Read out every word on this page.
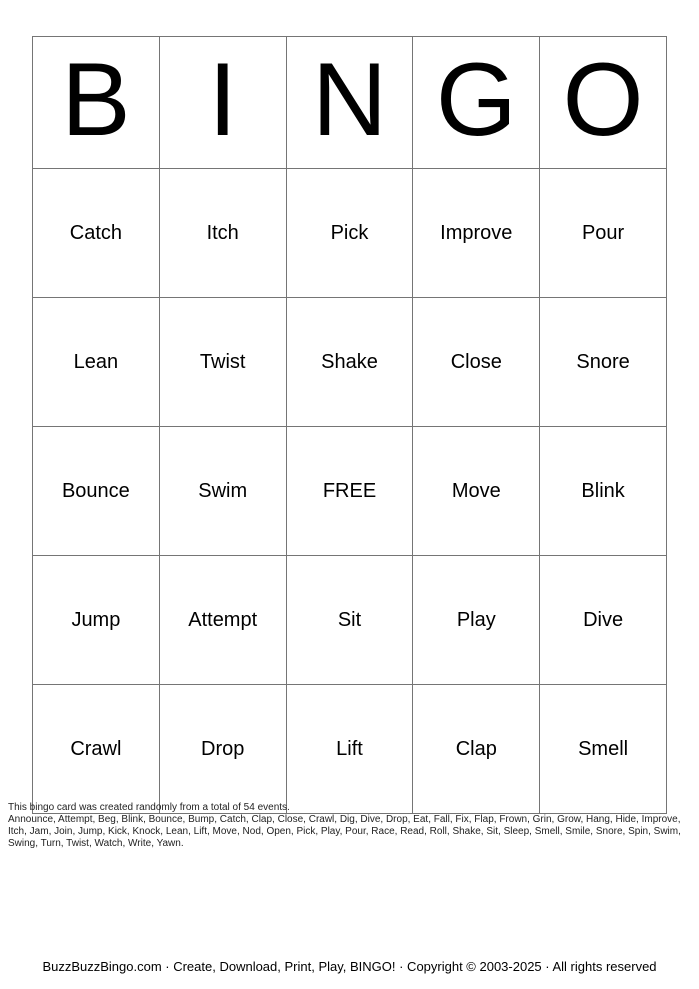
B	I	N	G	O
Catch	Itch	Pick	Improve	Pour
Lean	Twist	Shake	Close	Snore
Bounce	Swim	FREE	Move	Blink
Jump	Attempt	Sit	Play	Dive
Crawl	Drop	Lift	Clap	Smell
This bingo card was created randomly from a total of 54 events.
Announce, Attempt, Beg, Blink, Bounce, Bump, Catch, Clap, Close, Crawl, Dig, Dive, Drop, Eat, Fall, Fix, Flap, Frown, Grin, Grow, Hang, Hide, Improve, Itch, Jam, Join, Jump, Kick, Knock, Lean, Lift, Move, Nod, Open, Pick, Play, Pour, Race, Read, Roll, Shake, Sit, Sleep, Smell, Smile, Snore, Spin, Swim, Swing, Turn, Twist, Watch, Write, Yawn.
BuzzBuzzBingo.com · Create, Download, Print, Play, BINGO! · Copyright © 2003-2025 · All rights reserved
